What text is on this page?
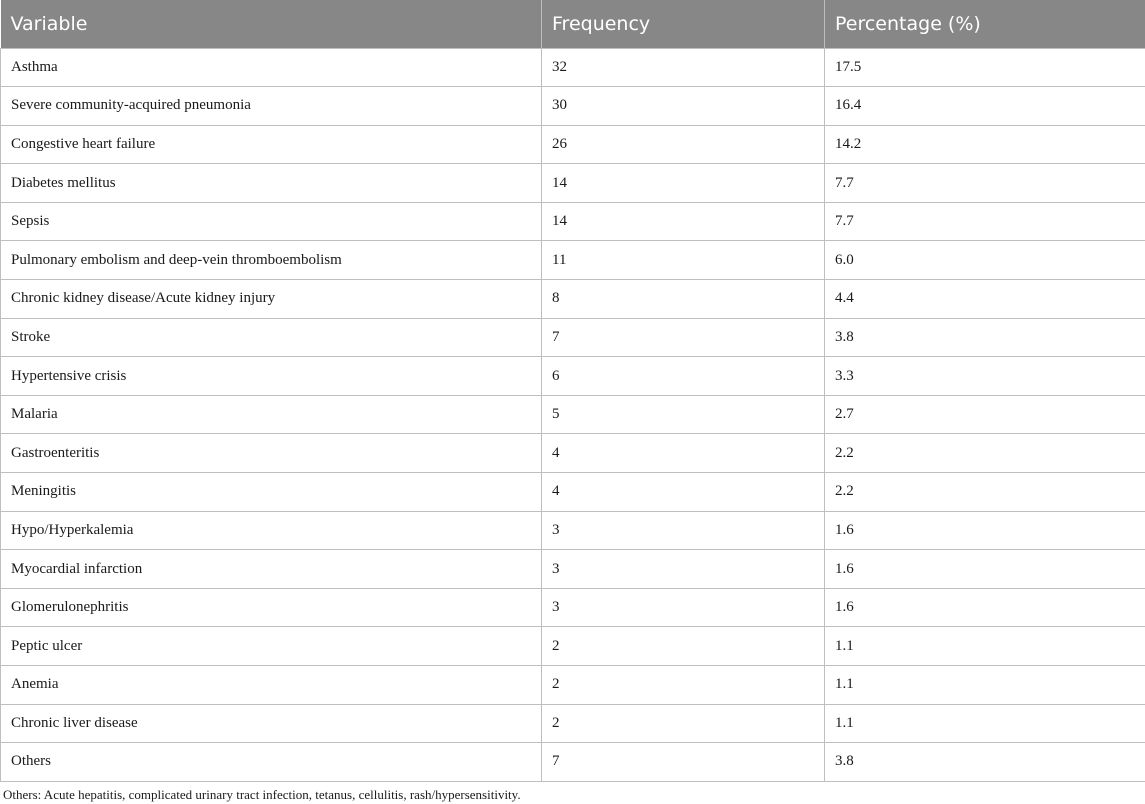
Variable	Frequency	Percentage (%)
Asthma	32	17.5
Severe community-acquired pneumonia	30	16.4
Congestive heart failure	26	14.2
Diabetes mellitus	14	7.7
Sepsis	14	7.7
Pulmonary embolism and deep-vein thromboembolism	11	6.0
Chronic kidney disease/Acute kidney injury	8	4.4
Stroke	7	3.8
Hypertensive crisis	6	3.3
Malaria	5	2.7
Gastroenteritis	4	2.2
Meningitis	4	2.2
Hypo/Hyperkalemia	3	1.6
Myocardial infarction	3	1.6
Glomerulonephritis	3	1.6
Peptic ulcer	2	1.1
Anemia	2	1.1
Chronic liver disease	2	1.1
Others	7	3.8
Others: Acute hepatitis, complicated urinary tract infection, tetanus, cellulitis, rash/hypersensitivity.
